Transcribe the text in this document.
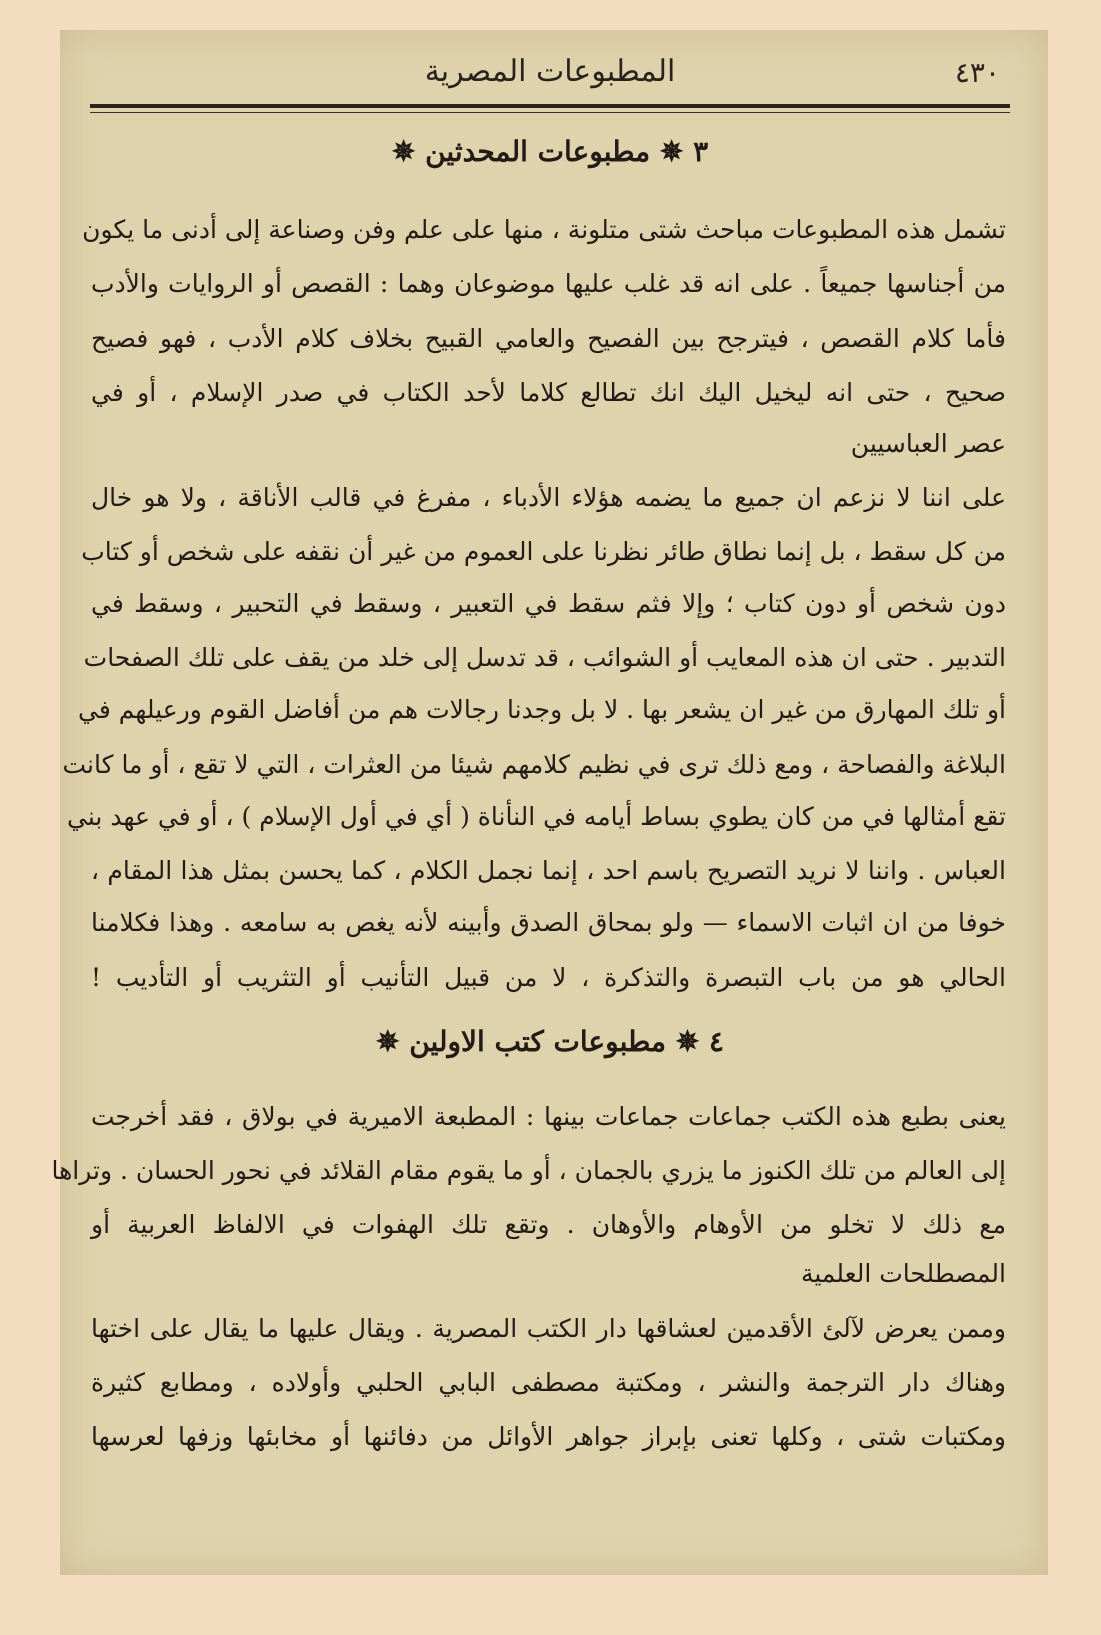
٤٣٠
المطبوعات المصرية
٣ ✵ مطبوعات المحدثين ✵
تشمل هذه المطبوعات مباحث شتى متلونة ، منها على علم وفن وصناعة إلى أدنى ما يكون
من أجناسها جميعاً . على انه قد غلب عليها موضوعان وهما : القصص أو الروايات والأدب
فأما كلام القصص ، فيترجح بين الفصيح والعامي القبيح بخلاف كلام الأدب ، فهو فصيح
صحيح ، حتى انه ليخيل اليك انك تطالع كلاما لأحد الكتاب في صدر الإسلام ، أو في
عصر العباسيين
على اننا لا نزعم ان جميع ما يضمه هؤلاء الأدباء ، مفرغ في قالب الأناقة ، ولا هو خال
من كل سقط ، بل إنما نطاق طائر نظرنا على العموم من غير أن نقفه على شخص أو كتاب
دون شخص أو دون كتاب ؛ وإلا فثم سقط في التعبير ، وسقط في التحبير ، وسقط في
التدبير . حتى ان هذه المعايب أو الشوائب ، قد تدسل إلى خلد من يقف على تلك الصفحات
أو تلك المهارق من غير ان يشعر بها . لا بل وجدنا رجالات هم من أفاضل القوم ورعيلهم في
البلاغة والفصاحة ، ومع ذلك ترى في نظيم كلامهم شيئا من العثرات ، التي لا تقع ، أو ما كانت
تقع أمثالها في من كان يطوي بساط أيامه في النأناة ( أي في أول الإسلام ) ، أو في عهد بني
العباس . واننا لا نريد التصريح باسم احد ، إنما نجمل الكلام ، كما يحسن بمثل هذا المقام ،
خوفا من ان اثبات الاسماء — ولو بمحاق الصدق وأبينه لأنه يغص به سامعه . وهذا فكلامنا
الحالي هو من باب التبصرة والتذكرة ، لا من قبيل التأنيب أو التثريب أو التأديب !
٤ ✵ مطبوعات كتب الاولين ✵
يعنى بطبع هذه الكتب جماعات جماعات بينها : المطبعة الاميرية في بولاق ، فقد أخرجت
إلى العالم من تلك الكنوز ما يزري بالجمان ، أو ما يقوم مقام القلائد في نحور الحسان . وتراها
مع ذلك لا تخلو من الأوهام والأوهان . وتقع تلك الهفوات في الالفاظ العربية أو
المصطلحات العلمية
وممن يعرض لآلئ الأقدمين لعشاقها دار الكتب المصرية . ويقال عليها ما يقال على اختها
وهناك دار الترجمة والنشر ، ومكتبة مصطفى البابي الحلبي وأولاده ، ومطابع كثيرة
ومكتبات شتى ، وكلها تعنى بإبراز جواهر الأوائل من دفائنها أو مخابئها وزفها لعرسها
